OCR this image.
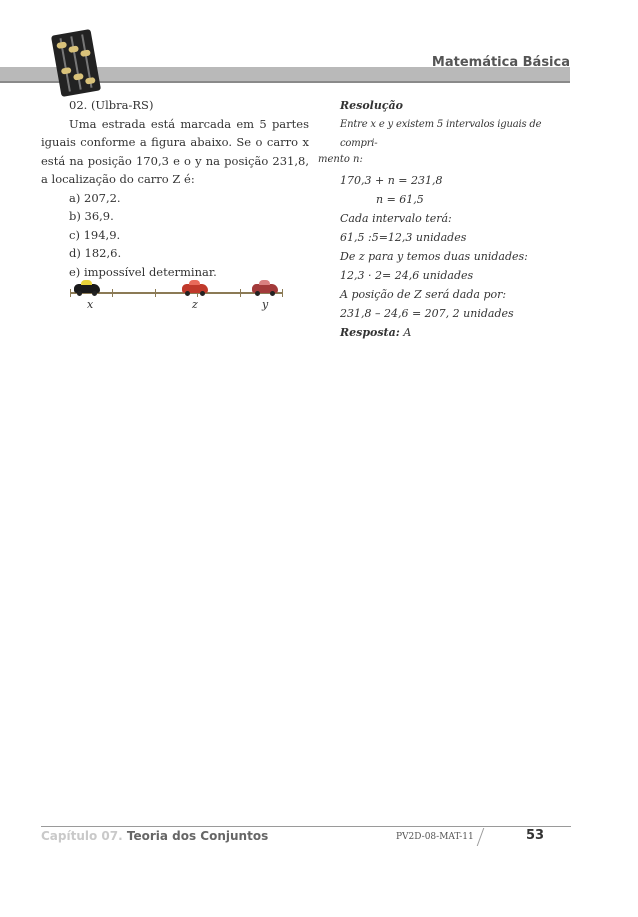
Matemática Básica

02. (Ulbra-RS)

Uma estrada está marcada em 5 partes iguais conforme a figura abaixo. Se o carro x está na posição 170,3 e o y na posição 231,8, a localização do carro Z é:

a) 207,2.

b) 36,9.

c) 194,9.

d) 182,6.

e) impossível determinar.

x	z	y

Resolução

Entre x e y existem 5 intervalos iguais de compri-

mento n:

170,3 + n = 231,8

n = 61,5

Cada intervalo terá:

61,5 :5=12,3 unidades

De z para y temos duas unidades:

12,3 · 2= 24,6 unidades

A posição de Z será dada por:

231,8 – 24,6 = 207, 2 unidades

Resposta: A

Capítulo 07. Teoria dos Conjuntos	PV2D-08-MAT-11	53
